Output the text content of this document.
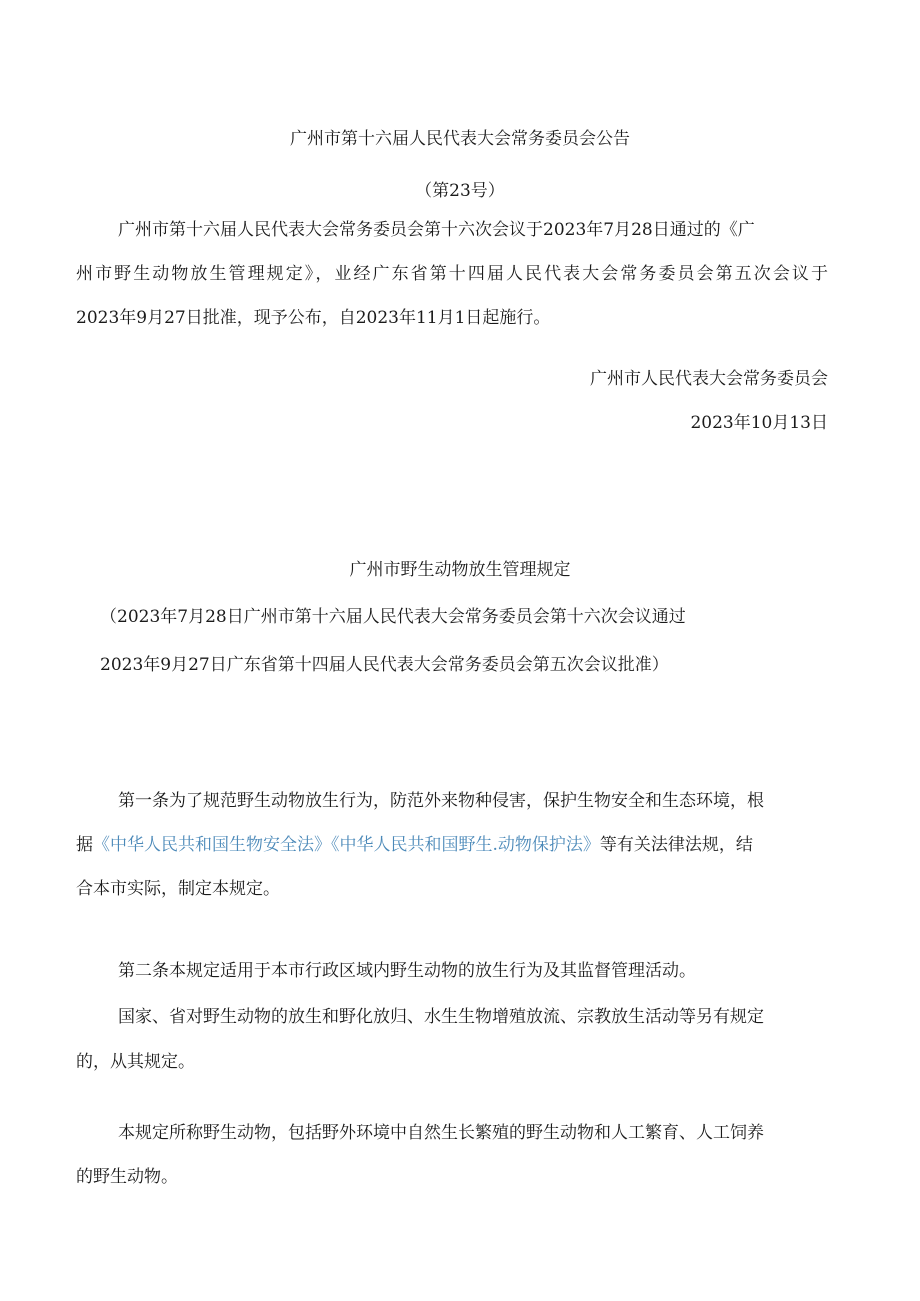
广州市第十六届人民代表大会常务委员会公告
（第23号）
广州市第十六届人民代表大会常务委员会第十六次会议于2023年7月28日通过的《广
州市野生动物放生管理规定》，业经广东省第十四届人民代表大会常务委员会第五次会议于
2023年9月27日批准，现予公布，自2023年11月1日起施行。
广州市人民代表大会常务委员会
2023年10月13日
广州市野生动物放生管理规定
（2023年7月28日广州市第十六届人民代表大会常务委员会第十六次会议通过
2023年9月27日广东省第十四届人民代表大会常务委员会第五次会议批准）
第一条为了规范野生动物放生行为，防范外来物种侵害，保护生物安全和生态环境，根
据《中华人民共和国生物安全法》《中华人民共和国野生.动物保护法》等有关法律法规，结
合本市实际，制定本规定。
第二条本规定适用于本市行政区域内野生动物的放生行为及其监督管理活动。
国家、省对野生动物的放生和野化放归、水生生物增殖放流、宗教放生活动等另有规定
的，从其规定。
本规定所称野生动物，包括野外环境中自然生长繁殖的野生动物和人工繁育、人工饲养
的野生动物。
